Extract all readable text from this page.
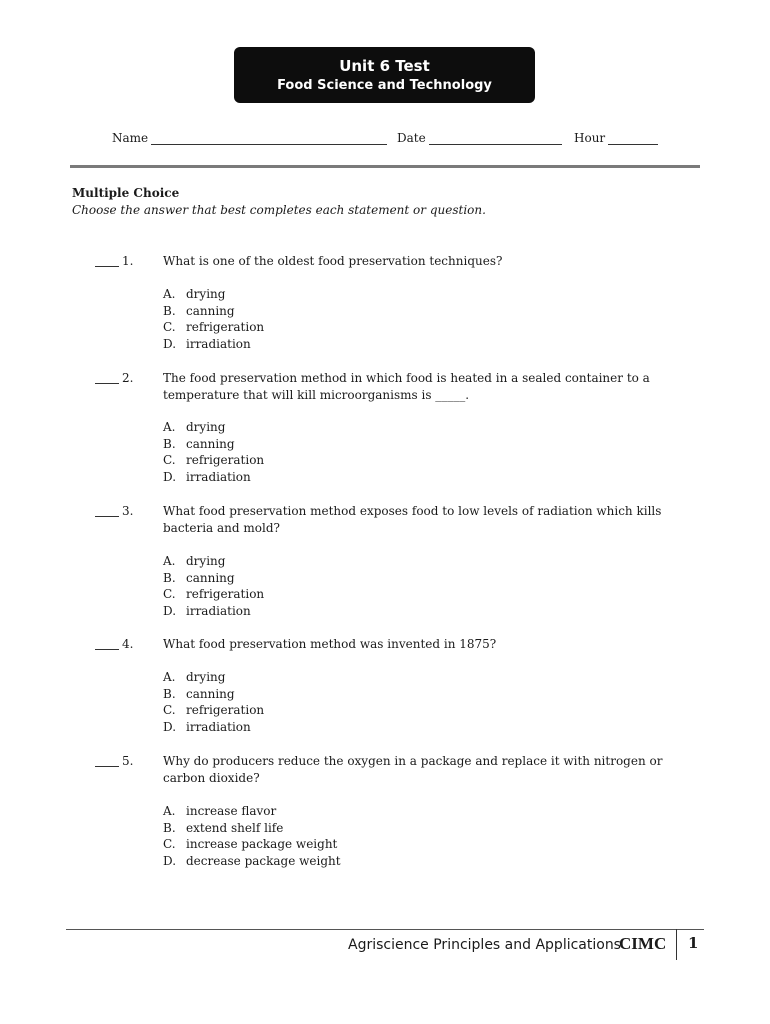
Unit 6 Test
Food Science and Technology
Name	Date	Hour
Multiple Choice
Choose the answer that best completes each statement or question.
1. What is one of the oldest food preservation techniques?
A. drying
B. canning
C. refrigeration
D. irradiation
2. The food preservation method in which food is heated in a sealed container to a temperature that will kill microorganisms is _____.
A. drying
B. canning
C. refrigeration
D. irradiation
3. What food preservation method exposes food to low levels of radiation which kills bacteria and mold?
A. drying
B. canning
C. refrigeration
D. irradiation
4. What food preservation method was invented in 1875?
A. drying
B. canning
C. refrigeration
D. irradiation
5. Why do producers reduce the oxygen in a package and replace it with nitrogen or carbon dioxide?
A. increase flavor
B. extend shelf life
C. increase package weight
D. decrease package weight
Agriscience Principles and Applications
CIMC 1
